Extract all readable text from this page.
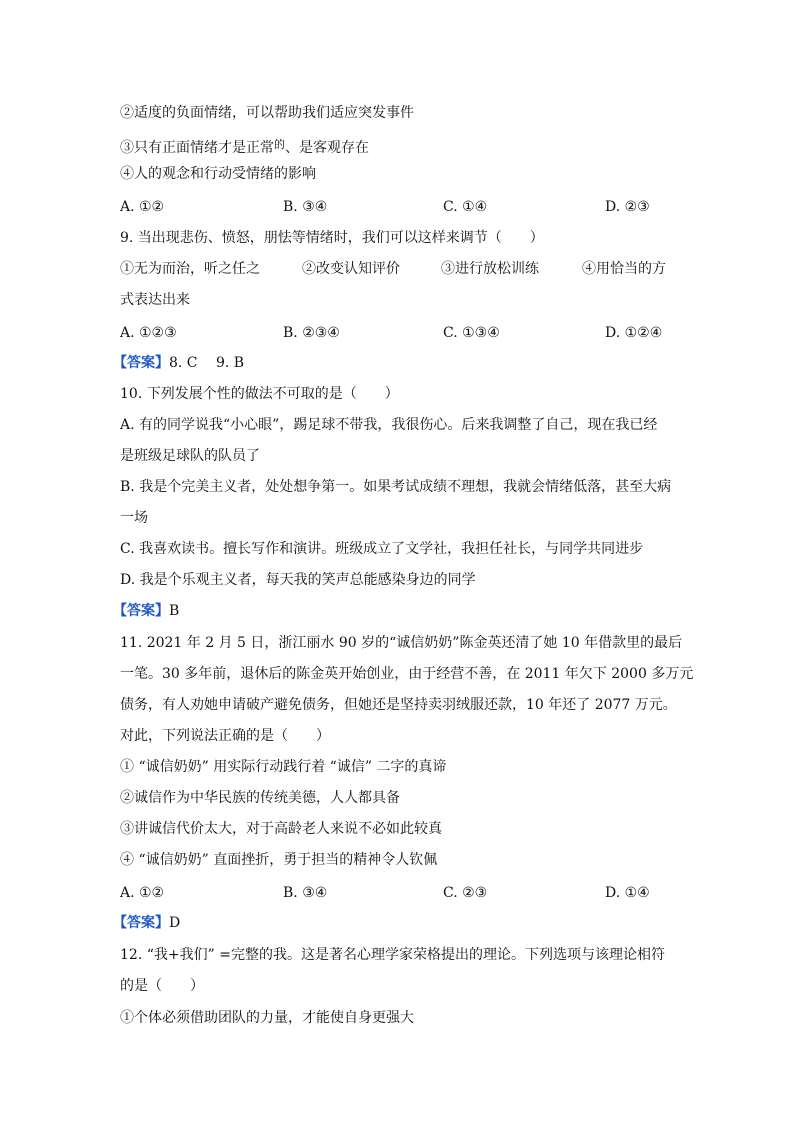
②适度的负面情绪，可以帮助我们适应突发事件
③只有正面情绪才是正常$^的$、是客观存在
④人的观念和行动受情绪的影响
A. ①②	B. ③④	C. ①④	D. ②③
9. 当出现悲伤、愤怒，朋怯等情绪时，我们可以这样来调节（　　）
①无为而治，听之任之	②改变认知评价	③进行放松训练	④用恰当的方
式表达出来
A. ①②③	B. ②③④	C. ①③④	D. ①②④
【答案】8. C　 9. B
10. 下列发展个性的做法不可取的是（　　）
A. 有的同学说我“小心眼”，踢足球不带我，我很伤心。后来我调整了自己，现在我已经
是班级足球队的队员了
B. 我是个完美主义者，处处想争第一。如果考试成绩不理想，我就会情绪低落，甚至大病
一场
C. 我喜欢读书。擅长写作和演讲。班级成立了文学社，我担任社长，与同学共同进步
D. 我是个乐观主义者，每天我的笑声总能感染身边的同学
【答案】B
11. 2021 年 2 月 5 日，浙江丽水 90 岁的“诚信奶奶”陈金英还清了她 10 年借款里的最后
一笔。30 多年前，退休后的陈金英开始创业，由于经营不善，在 2011 年欠下 2000 多万元
债务，有人劝她申请破产避免债务，但她还是坚持卖羽绒服还款，10 年还了 2077 万元。
对此，下列说法正确的是（　　）
① “诚信奶奶” 用实际行动践行着 “诚信” 二字的真谛
②诚信作为中华民族的传统美德，人人都具备
③讲诚信代价太大，对于高龄老人来说不必如此较真
④ “诚信奶奶” 直面挫折，勇于担当的精神令人钦佩
A. ①②	B. ③④	C. ②③	D. ①④
【答案】D
12. “我+我们” =完整的我。这是著名心理学家荣格提出的理论。下列选项与该理论相符
的是（　　）
①个体必须借助团队的力量，才能使自身更强大
